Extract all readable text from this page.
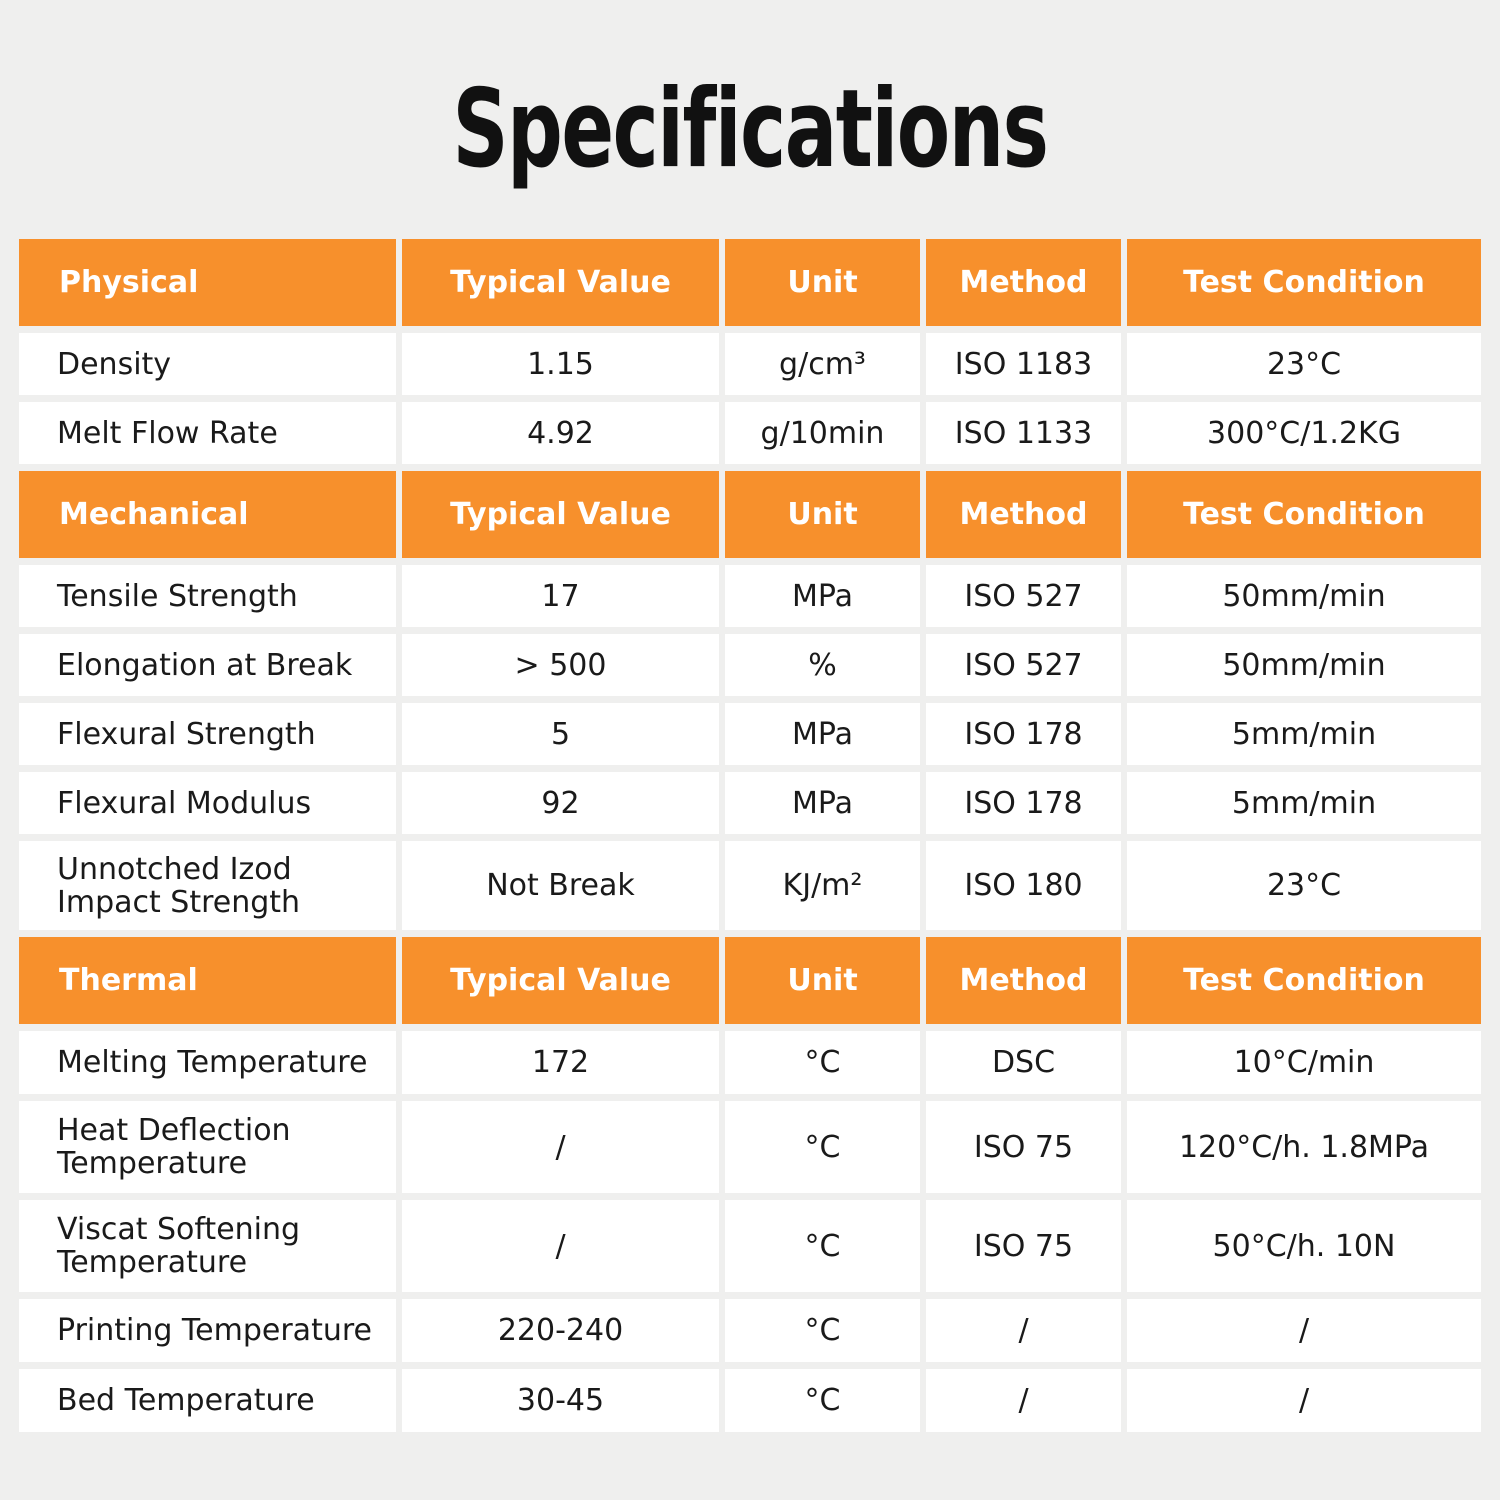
Specifications
Physical	Typical Value	Unit	Method	Test Condition
Density	1.15	g/cm³	ISO 1183	23°C
Melt Flow Rate	4.92	g/10min	ISO 1133	300°C/1.2KG
Mechanical	Typical Value	Unit	Method	Test Condition
Tensile Strength	17	MPa	ISO 527	50mm/min
Elongation at Break	> 500	%	ISO 527	50mm/min
Flexural Strength	5	MPa	ISO 178	5mm/min
Flexural Modulus	92	MPa	ISO 178	5mm/min
Unnotched Izod Impact Strength	Not Break	KJ/m²	ISO 180	23°C
Thermal	Typical Value	Unit	Method	Test Condition
Melting Temperature	172	°C	DSC	10°C/min
Heat Deflection Temperature	/	°C	ISO 75	120°C/h. 1.8MPa
Viscat Softening Temperature	/	°C	ISO 75	50°C/h. 10N
Printing Temperature	220-240	°C	/	/
Bed Temperature	30-45	°C	/	/
